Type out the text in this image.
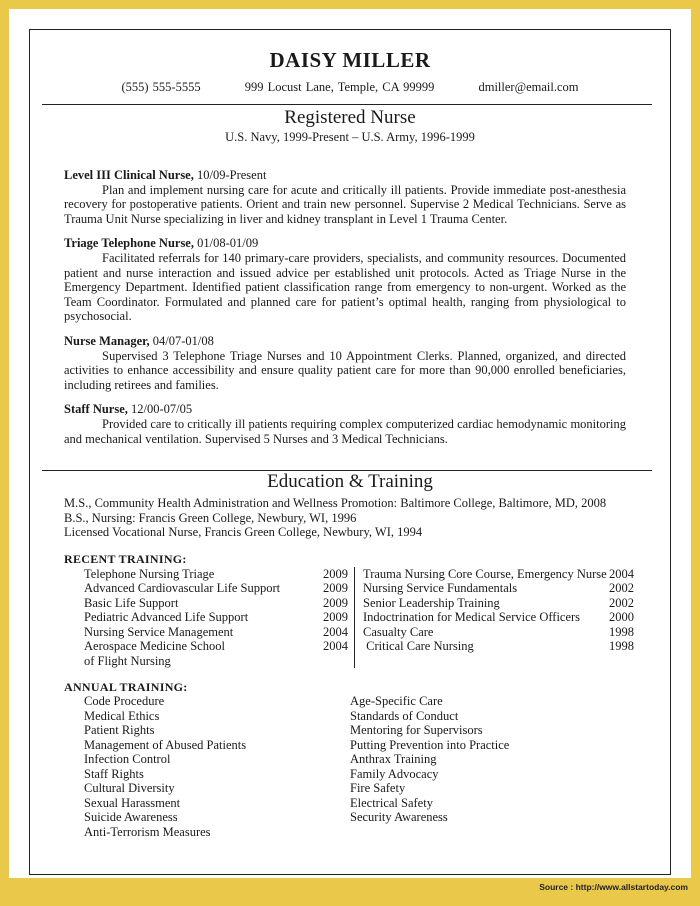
DAISY MILLER
(555) 555-5555	999 Locust Lane, Temple, CA 99999	dmiller@email.com
Registered Nurse
U.S. Navy, 1999-Present – U.S. Army, 1996-1999
Level III Clinical Nurse, 10/09-Present
Plan and implement nursing care for acute and critically ill patients. Provide immediate post-anesthesia recovery for postoperative patients. Orient and train new personnel. Supervise 2 Medical Technicians. Serve as Trauma Unit Nurse specializing in liver and kidney transplant in Level 1 Trauma Center.
Triage Telephone Nurse, 01/08-01/09
Facilitated referrals for 140 primary-care providers, specialists, and community resources. Documented patient and nurse interaction and issued advice per established unit protocols. Acted as Triage Nurse in the Emergency Department. Identified patient classification range from emergency to non-urgent. Worked as the Team Coordinator. Formulated and planned care for patient’s optimal health, ranging from physiological to psychosocial.
Nurse Manager, 04/07-01/08
Supervised 3 Telephone Triage Nurses and 10 Appointment Clerks. Planned, organized, and directed activities to enhance accessibility and ensure quality patient care for more than 90,000 enrolled beneficiaries, including retirees and families.
Staff Nurse, 12/00-07/05
Provided care to critically ill patients requiring complex computerized cardiac hemodynamic monitoring and mechanical ventilation. Supervised 5 Nurses and 3 Medical Technicians.
Education & Training
M.S., Community Health Administration and Wellness Promotion: Baltimore College, Baltimore, MD, 2008
B.S., Nursing: Francis Green College, Newbury, WI, 1996
Licensed Vocational Nurse, Francis Green College, Newbury, WI, 1994
RECENT TRAINING:
Telephone Nursing Triage	2009
Advanced Cardiovascular Life Support	2009
Basic Life Support	2009
Pediatric Advanced Life Support	2009
Nursing Service Management	2004
Aerospace Medicine School	2004
of Flight Nursing
Trauma Nursing Core Course, Emergency Nurse 2004
Nursing Service Fundamentals	2002
Senior Leadership Training	2002
Indoctrination for Medical Service Officers 2000
Casualty Care	1998
Critical Care Nursing	1998
ANNUAL TRAINING:
Code Procedure
Medical Ethics
Patient Rights
Management of Abused Patients
Infection Control
Staff Rights
Cultural Diversity
Sexual Harassment
Suicide Awareness
Anti-Terrorism Measures
Age-Specific Care
Standards of Conduct
Mentoring for Supervisors
Putting Prevention into Practice
Anthrax Training
Family Advocacy
Fire Safety
Electrical Safety
Security Awareness
Source : http://www.allstartoday.com
